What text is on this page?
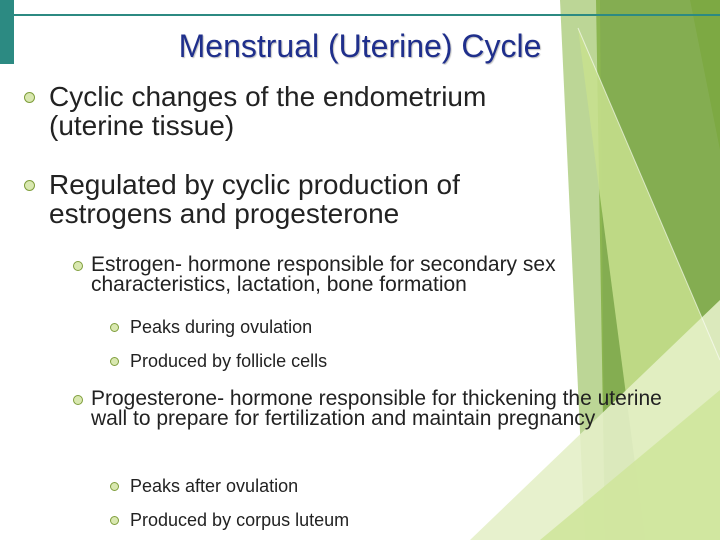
Menstrual (Uterine) Cycle
Cyclic changes of the endometrium (uterine tissue)
Regulated by cyclic production of estrogens and progesterone
Estrogen- hormone responsible for secondary sex characteristics, lactation, bone formation
Peaks during ovulation
Produced by follicle cells
Progesterone- hormone responsible for thickening the uterine wall to prepare for fertilization and maintain pregnancy
Peaks after ovulation
Produced by corpus luteum
